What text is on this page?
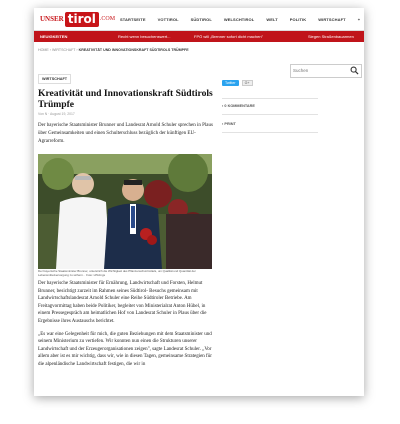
UNSER tirol .COM STARTSEITE	VOTTIROL	SÜDTIROL	WELSCHTIROL	WELT	POLITIK	WIRTSCHAFT	+
NEUIGKEITEN	Recht wenn besuchenswert...	FPÖ will „Brenner sofort dicht machen"	Siegen Straßenbauarmen
HOME › WIRTSCHAFT › KREATIVITÄT UND INNOVATIONSKRAFT SÜDTIROLS TRÜMPFE
WIRTSCHAFT
Kreativität und Innovationskraft Südtirols Trümpfe
Von N · August 19, 2017
Der bayerische Staatsminister Brunner und Landesrat Arnold Schuler sprechen in Plaus über Gemeinsamkeiten und einen Schulterschluss bezüglich der künftigen EU- Agrarreform.
Der bayerische Staatsminister Brunner, unterstrich die Wichtigkeit des Pflanzenschutzmittels, um Qualität und Quantität der Lebensmittelversorgung zu sichern. · Foto: LPA/mgs

Der bayerische Staatsminister für Ernährung, Landwirtschaft und Forsten, Helmut Brunner, besichtigt zurzeit im Rahmen seines Südtirol- Besuchs gemeinsam mit Landwirtschaftslandesrat Arnold Schuler eine Reihe Südtiroler Betriebe. Am Freitagvormittag haben beide Politiker, begleitet von Ministerialrat Anton Hübel, in einem Pressegespräch am heimatlichen Hof von Landesrat Schuler in Plaus über die Ergebnisse ihres Austauschs berichtet.

„Es war eine Gelegenheit für mich, die guten Beziehungen mit dem Staatsminister und seinem Ministerium zu vertiefen. Wir konnten nun einen die Strukturen unserer Landwirtschaft und der Erzeugerorganisationen zeigen", sagte Landesrat Schuler. „Vor allem aber ist es mir wichtig, dass wir, wie in diesen Tagen, gemeinsame Strategien für die alpenländische Landwirtschaft festigen, die wir in

Suchen
Twitter	G+
▪ 0 KOMMENTARE
▪ PRINT
